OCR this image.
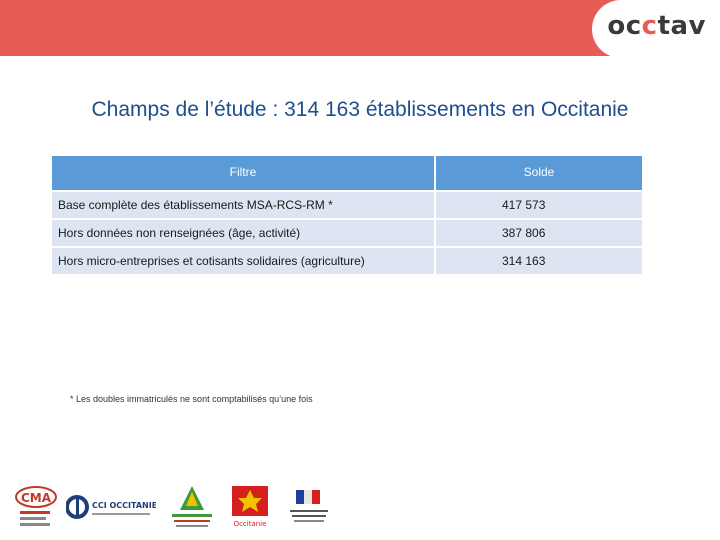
occtav
Champs de l’étude : 314 163 établissements en Occitanie
Filtre	Solde
Base complète des établissements MSA-RCS-RM *	417 573
Hors données non renseignées (âge, activité)	387 806
Hors micro-entreprises et cotisants solidaires (agriculture)	314 163
* Les doubles immatriculés ne sont comptabilisés qu’une fois
CMA
CCI OCCITANIE
Occitanie
